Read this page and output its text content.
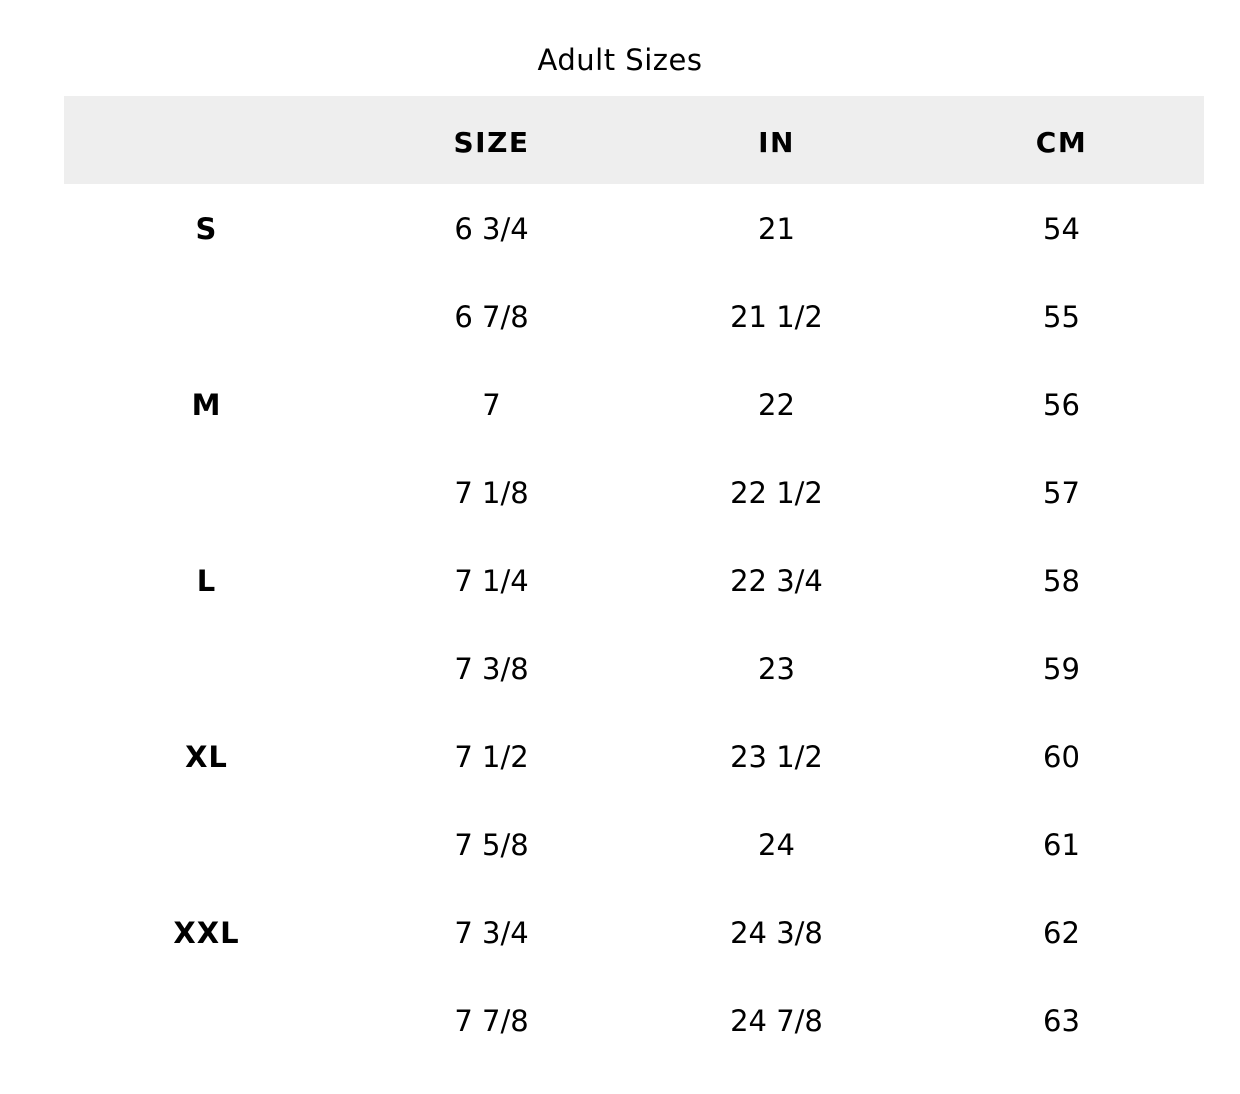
Adult Sizes
	SIZE	IN	CM
S	6 3/4	21	54
	6 7/8	21 1/2	55
M	7	22	56
	7 1/8	22 1/2	57
L	7 1/4	22 3/4	58
	7 3/8	23	59
XL	7 1/2	23 1/2	60
	7 5/8	24	61
XXL	7 3/4	24 3/8	62
	7 7/8	24 7/8	63
